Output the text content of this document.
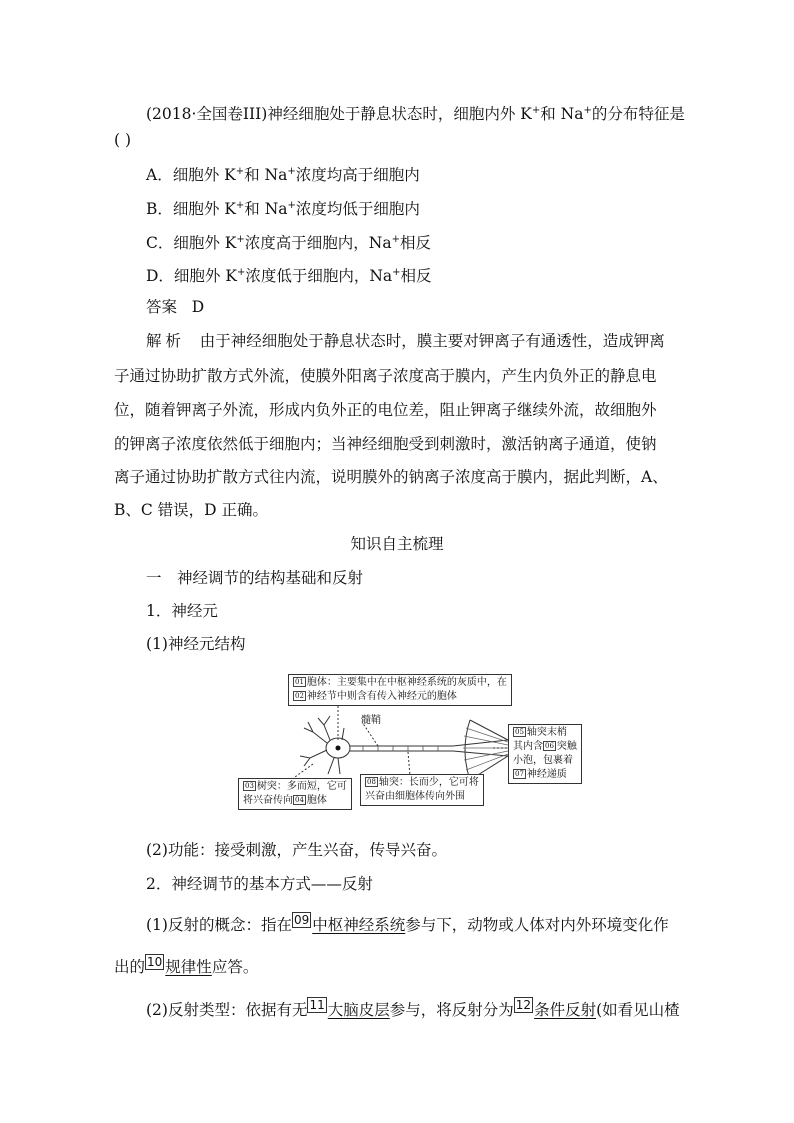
(2018·全国卷III)神经细胞处于静息状态时，细胞内外 K+和 Na+的分布特征是
( )
A．细胞外 K+和 Na+浓度均高于细胞内
B．细胞外 K+和 Na+浓度均低于细胞内
C．细胞外 K+浓度高于细胞内，Na+相反
D．细胞外 K+浓度低于细胞内，Na+相反
答案 D
解析 由于神经细胞处于静息状态时，膜主要对钾离子有通透性，造成钾离
子通过协助扩散方式外流，使膜外阳离子浓度高于膜内，产生内负外正的静息电
位，随着钾离子外流，形成内负外正的电位差，阻止钾离子继续外流，故细胞外
的钾离子浓度依然低于细胞内；当神经细胞受到刺激时，激活钠离子通道，使钠
离子通过协助扩散方式往内流，说明膜外的钠离子浓度高于膜内，据此判断，A、
B、C 错误，D 正确。
知识自主梳理
一　神经调节的结构基础和反射
1．神经元
(1)神经元结构
01 胞体：主要集中在中枢神经系统的灰质中，在
02 神经节中则含有传入神经元的胞体
髓鞘
05 轴突末梢
其内含 06 突触
小泡，包裹着
07 神经递质
03 树突：多而短，它可
将兴奋传向 04 胞体
08 轴突：长而少，它可将
兴奋由细胞体传向外围
(2)功能：接受刺激，产生兴奋，传导兴奋。
2．神经调节的基本方式——反射
(1)反射的概念：指在 09 中枢神经系统参与下，动物或人体对内外环境变化作
出的 10 规律性应答。
(2)反射类型：依据有无 11 大脑皮层参与，将反射分为 12 条件反射(如看见山楂
